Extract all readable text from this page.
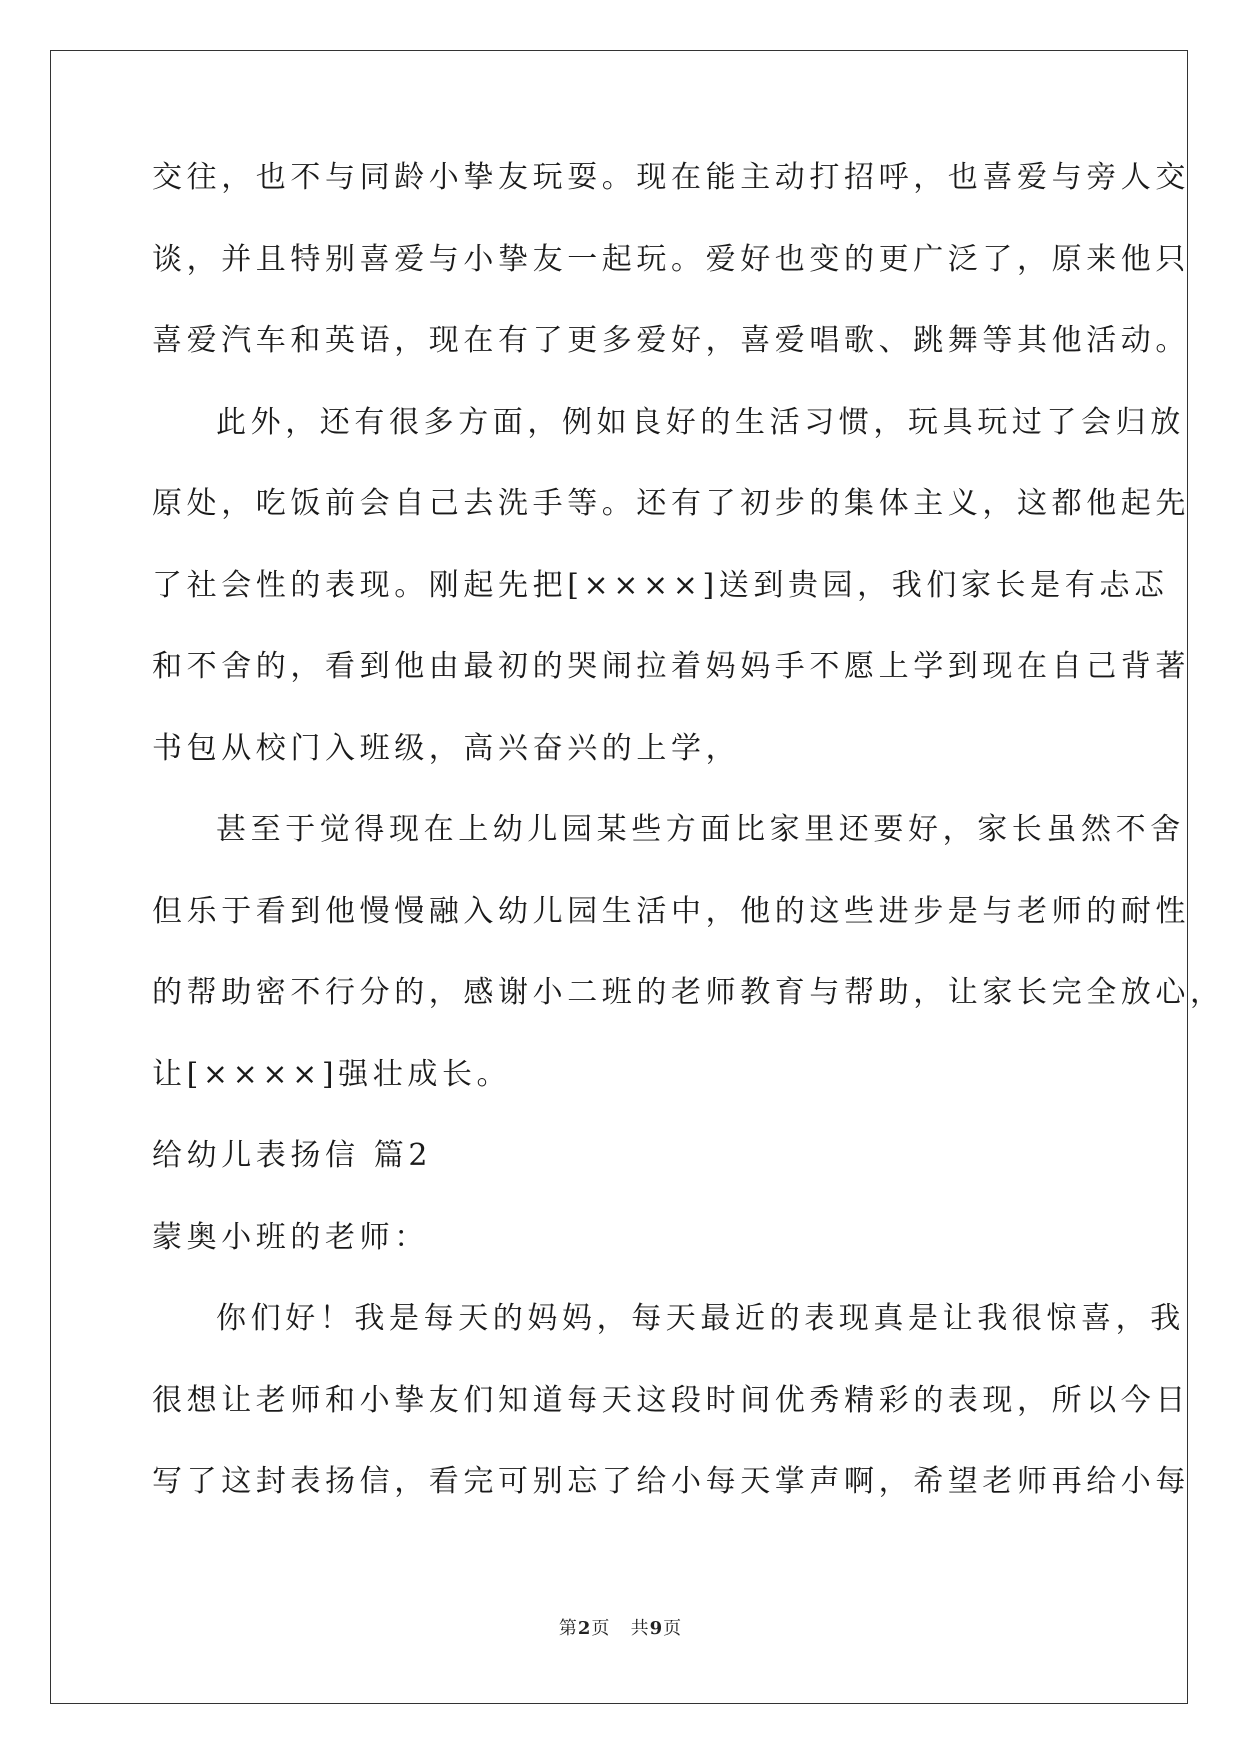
交往，也不与同龄小挚友玩耍。现在能主动打招呼，也喜爱与旁人交
谈，并且特别喜爱与小挚友一起玩。爱好也变的更广泛了，原来他只
喜爱汽车和英语，现在有了更多爱好，喜爱唱歌、跳舞等其他活动。
此外，还有很多方面，例如良好的生活习惯，玩具玩过了会归放
原处，吃饭前会自己去洗手等。还有了初步的集体主义，这都他起先
了社会性的表现。刚起先把[××××]送到贵园，我们家长是有忐忑
和不舍的，看到他由最初的哭闹拉着妈妈手不愿上学到现在自己背著
书包从校门入班级，高兴奋兴的上学，
甚至于觉得现在上幼儿园某些方面比家里还要好，家长虽然不舍
但乐于看到他慢慢融入幼儿园生活中，他的这些进步是与老师的耐性
的帮助密不行分的，感谢小二班的老师教育与帮助，让家长完全放心，
让[××××]强壮成长。
给幼儿表扬信 篇2
蒙奥小班的老师：
你们好！我是每天的妈妈，每天最近的表现真是让我很惊喜，我
很想让老师和小挚友们知道每天这段时间优秀精彩的表现，所以今日
写了这封表扬信，看完可别忘了给小每天掌声啊，希望老师再给小每
第2页   共9页
